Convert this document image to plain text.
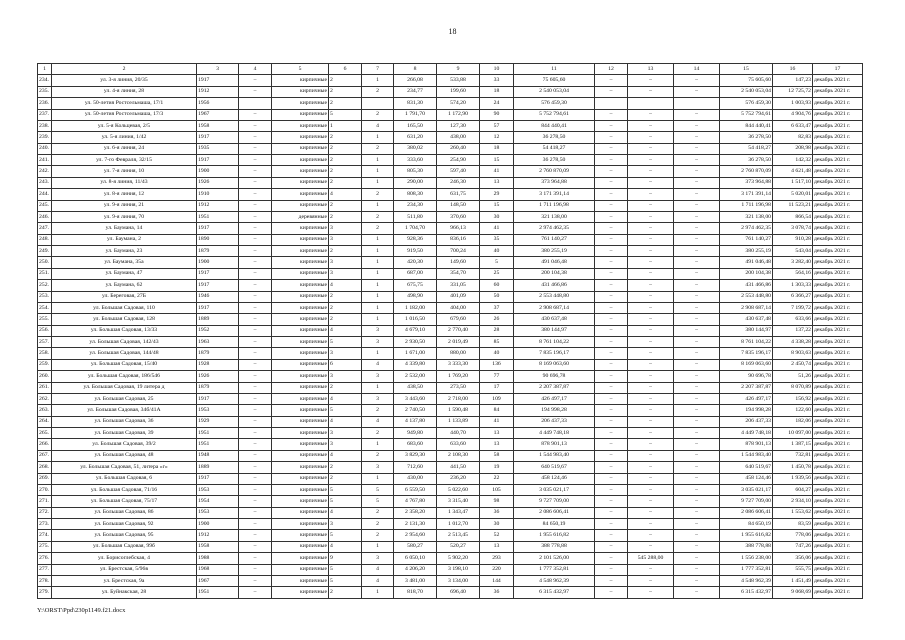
18
1	2	3	4	5	6	7	8	9	10	11	12	13	14	15	16	17
234.	ул. 3-я линия, 20/35	1917	–	кирпичные	2	1	266,08	533,88	33	75 605,60	–	–	–	75 605,60	147,23	декабрь 2021 г.
235.	ул. 4-я линия, 28	1912	–	кирпичные	2	2	234,77	199,60	18	2 540 053,04	–	–	–	2 540 053,04	12 725,72	декабрь 2021 г.
236.	ул. 50-летия Ростсельмаша, 17/1	1956		кирпичные	2		831,30	574,20	24	576 459,30				576 459,30	1 003,93	декабрь 2021 г.
237.	ул. 50-летия Ростсельмаша, 17/3	1967	–	кирпичные	5	2	1 791,70	1 172,90	90	5 752 794,61	–	–	–	5 752 794,61	4 904,76	декабрь 2021 г.
238.	ул. 5-я Кольцевая, 2/5	1958	–	кирпичные	1	4	165,50	127,30	57	844 440,41	–	–	–	844 440,41	6 633,47	декабрь 2021 г.
239.	ул. 5-я линия, 1/42	1917	–	кирпичные	2	1	631,20	438,00	12	36 278,50	–	–	–	36 278,50	82,83	декабрь 2021 г.
240.	ул. 6-я линия, 24	1935	–	кирпичные	2	2	380,02	260,40	18	54 418,27	–	–	–	54 418,27	208,98	декабрь 2021 г.
241.	ул. 7-го Февраля, 32/15	1917	–	кирпичные	2	1	333,60	254,90	15	36 278,50	–	–	–	36 278,50	142,32	декабрь 2021 г.
242.	ул. 7-я линия, 10	1900	–	кирпичные	2	1	805,30	597,40	41	2 760 870,09	–	–	–	2 760 870,09	4 621,48	декабрь 2021 г.
243.	ул. 8-я линия, 11/43	1926	–	кирпичные	2	1	290,00	246,30	13	373 964,88	–	–	–	373 964,88	1 517,10	декабрь 2021 г.
244.	ул. 8-я линия, 12	1910	–	кирпичные	4	2	808,30	631,75	29	3 171 391,14	–	–	–	3 171 391,14	5 020,01	декабрь 2021 г.
245.	ул. 9-я линия, 21	1912	–	кирпичные	2	1	234,30	148,50	15	1 711 196,98	–	–	–	1 711 196,98	11 523,21	декабрь 2021 г.
246.	ул. 9-я линия, 70	1951	–	деревянные	2	2	511,80	370,60	30	321 138,00	–	–	–	321 138,00	866,54	декабрь 2021 г.
247.	ул. Баумана, 14	1917	–	кирпичные	3	2	1 704,70	966,13	41	2 974 462,35	–	–	–	2 974 462,35	3 078,74	декабрь 2021 г.
248.	ул. Баумана, 2	1890	–	кирпичные	3	1	928,36	836,16	35	761 140,27	–	–	–	761 140,27	910,28	декабрь 2021 г.
249.	ул. Баумана, 23	1879	–	кирпичные	2	1	919,50	700,24	40	380 255,19	–	–	–	380 255,19	543,04	декабрь 2021 г.
250.	ул. Баумана, 35а	1900	–	кирпичные	3	1	420,30	149,60	5	491 046,48	–	–	–	491 046,48	3 282,40	декабрь 2021 г.
251.	ул. Баумана, 47	1917	–	кирпичные	3	1	687,00	354,70	25	200 104,38	–	–	–	200 104,38	564,16	декабрь 2021 г.
252.	ул. Баумана, 62	1917	–	кирпичные	4	1	675,75	331,05	60	431 466,86	–	–	–	431 466,86	1 303,33	декабрь 2021 г.
253.	ул. Береговая, 27Б	1946	–	кирпичные	2	1	498,90	401,09	50	2 553 448,80	–	–	–	2 553 448,80	6 366,27	декабрь 2021 г.
254.	ул. Большая Садовая, 110	1917	–	кирпичные	2	1	1 182,00	404,00	37	2 908 687,14	–	–	–	2 908 687,14	7 199,72	декабрь 2021 г.
255.	ул. Большая Садовая, 128	1889	–	кирпичные	2	1	1 016,50	679,60	26	430 637,48	–	–	–	430 637,48	633,66	декабрь 2021 г.
256.	ул. Большая Садовая, 13/33	1952	–	кирпичные	4	3	4 679,10	2 770,40	28	380 144,97	–	–	–	380 144,97	137,22	декабрь 2021 г.
257.	ул. Большая Садовая, 142/43	1963	–	кирпичные	5	3	2 930,50	2 019,49	85	8 761 104,22	–	–	–	8 761 104,22	4 338,28	декабрь 2021 г.
258.	ул. Большая Садовая, 144/48	1879	–	кирпичные	3	1	1 671,00	880,00	40	7 835 196,17	–	–	–	7 835 196,17	8 903,63	декабрь 2021 г.
259.	ул. Большая Садовая, 15/40	1928	–	кирпичные	6	4	4 339,80	3 333,30	136	8 169 063,60	–	–	–	8 169 063,60	2 450,74	декабрь 2021 г.
260.	ул. Большая Садовая, 186/546	1926	–	кирпичные	3	3	2 532,00	1 769,20	77	90 696,78	–	–	–	90 696,78	51,26	декабрь 2021 г.
261.	ул. Большая Садовая, 19 литера д	1879	–	кирпичные	2	1	438,50	273,50	17	2 207 387,87	–	–	–	2 207 387,87	8 070,89	декабрь 2021 г.
262.	ул. Большая Садовая, 25	1917	–	кирпичные	4	3	3 443,60	2 718,00	109	426 497,17	–	–	–	426 497,17	156,92	декабрь 2021 г.
263.	ул. Большая Садовая, 34б/41А	1953	–	кирпичные	5	2	2 740,50	1 590,48	84	194 998,28	–	–	–	194 998,28	122,60	декабрь 2021 г.
264.	ул. Большая Садовая, 36	1929	–	кирпичные	4	4	4 137,80	1 133,89	41	206 437,33	–	–	–	206 437,33	182,06	декабрь 2021 г.
265.	ул. Большая Садовая, 39	1951	–	кирпичные	3	2	949,80	440,70	13	4 449 748,18	–	–	–	4 449 748,18	10 097,00	декабрь 2021 г.
266.	ул. Большая Садовая, 39/2	1951	–	кирпичные	3	1	683,60	633,60	13	878 901,13	–	–	–	878 901,13	1 387,15	декабрь 2021 г.
267.	ул. Большая Садовая, 48	1948	–	кирпичные	4	2	3 829,30	2 108,30	58	1 544 983,40	–	–	–	1 544 983,40	732,81	декабрь 2021 г.
268.	ул. Большая Садовая, 51, литера «г»	1889	–	кирпичные	2	3	712,60	441,50	19	640 519,67	–	–	–	640 519,67	1 450,78	декабрь 2021 г.
269.	ул. Большая Садовая, 6	1917	–	кирпичные	2	1	430,00	236,20	22	458 124,46	–	–	–	458 124,46	1 939,56	декабрь 2021 г.
270.	ул. Большая Садовая, 71/16	1953	–	кирпичные	5	5	6 559,50	5 022,60	105	3 035 021,17	–	–	–	3 035 021,17	604,27	декабрь 2021 г.
271.	ул. Большая Садовая, 75/17	1954	–	кирпичные	5	5	4 767,80	3 315,40	98	9 727 709,00	–	–	–	9 727 709,00	2 934,10	декабрь 2021 г.
272.	ул. Большая Садовая, 86	1953	–	кирпичные	4	2	2 358,20	1 343,47	36	2 086 606,41	–	–	–	2 086 606,41	1 553,62	декабрь 2021 г.
273.	ул. Большая Садовая, 92	1900	–	кирпичные	3	2	2 131,30	1 012,70	30	84 650,19	–	–	–	84 650,19	83,59	декабрь 2021 г.
274.	ул. Большая Садовая, 95	1912	–	кирпичные	5	2	2 954,60	2 513,45	52	1 955 616,82	–	–	–	1 955 616,82	778,06	декабрь 2021 г.
275.	ул. Большая Садовая, 99б	1958	–	кирпичные	4	1	580,27	520,27	13	388 778,88	–	–	–	388 778,88	747,26	декабрь 2021 г.
276.	ул. Борисоглебская, 4	1988	–	кирпичные	9	3	6 050,10	5 902,20	293	2 101 526,00	–	545 288,00	–	1 556 238,00	356,06	декабрь 2021 г.
277.	ул. Брестская, 5/96в	1968	–	кирпичные	5	4	4 206,20	3 198,10	220	1 777 352,81	–	–	–	1 777 352,81	555,75	декабрь 2021 г.
278.	ул. Брестская, 9а	1967	–	кирпичные	5	4	3 481,00	3 134,00	144	4 548 962,39	–	–	–	4 548 962,39	1 451,49	декабрь 2021 г.
279.	ул. Буйнакская, 28	1951	–	кирпичные	2	1	818,70	696,40	36	6 315 432,97	–	–	–	6 315 432,97	9 068,69	декабрь 2021 г.
Y:\ORST\Ppd\230p1149.f21.docx
